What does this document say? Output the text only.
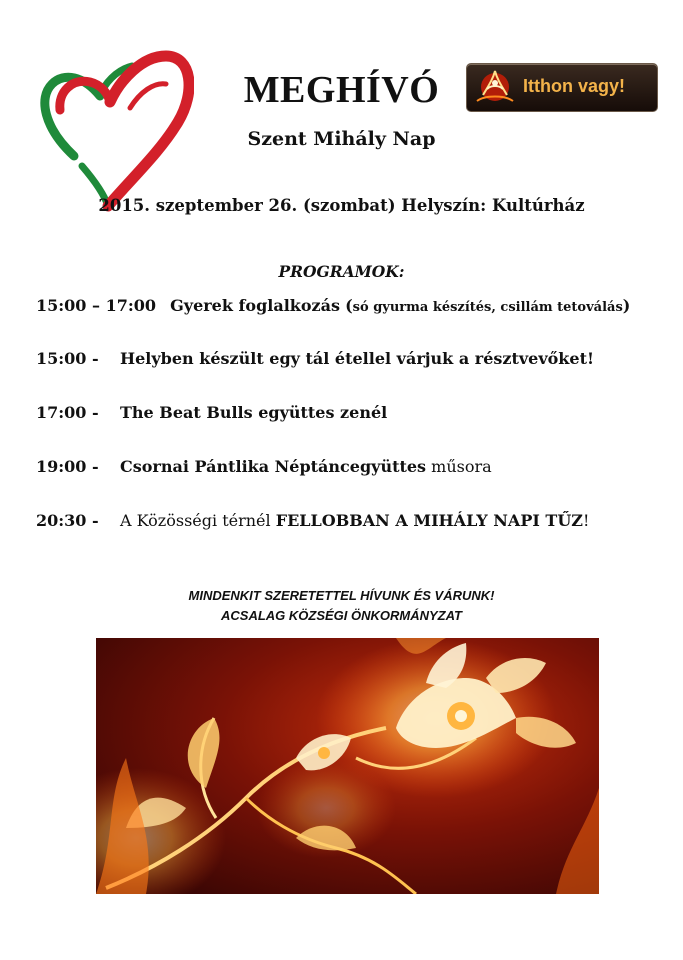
MEGHÍVÓ
Szent Mihály Nap
Itthon vagy!
2015. szeptember 26. (szombat) Helyszín: Kultúrház
PROGRAMOK:
15:00 – 17:00 Gyerek foglalkozás (só gyurma készítés, csillám tetoválás)
15:00 - Helyben készült egy tál étellel várjuk a résztvevőket!
17:00 - The Beat Bulls együttes zenél
19:00 - Csornai Pántlika Néptáncegyüttes műsora
20:30 - A Közösségi térnél FELLOBBAN A MIHÁLY NAPI TŰZ!
MINDENKIT SZERETETTEL HÍVUNK ÉS VÁRUNK!
ACSALAG KÖZSÉGI ÖNKORMÁNYZAT
